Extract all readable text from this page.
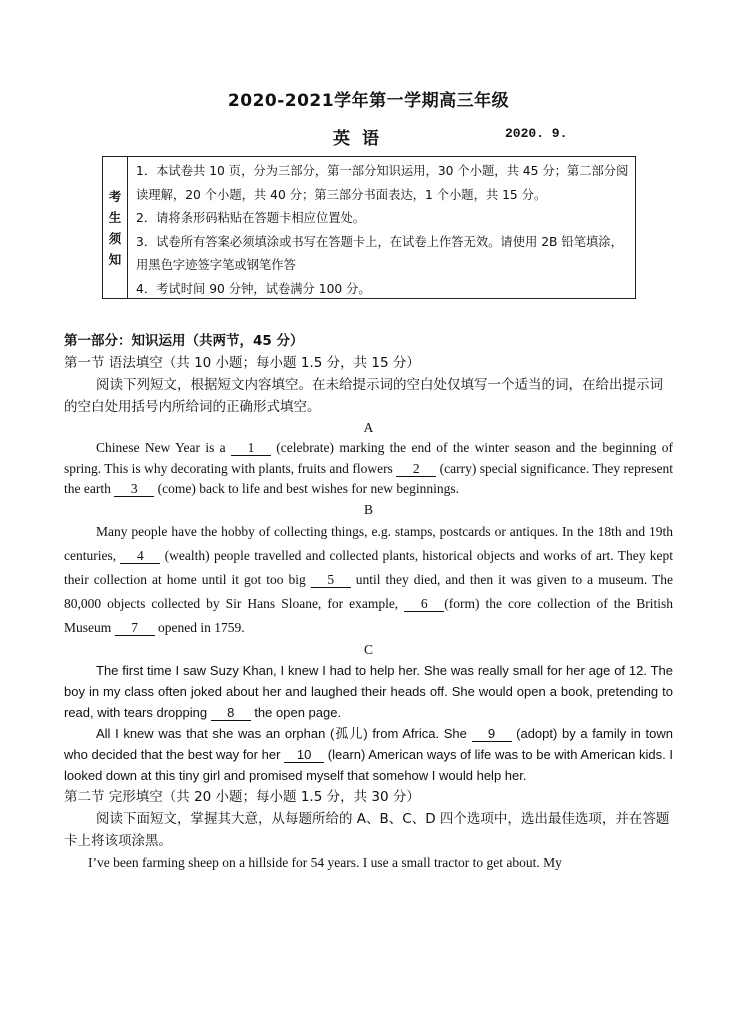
2020-2021学年第一学期高三年级
英语	2020. 9.
考
生
须
知

1．本试卷共 10 页，分为三部分，第一部分知识运用，30 个小题，共 45 分；第二部分阅读理解，20 个小题，共 40 分；第三部分书面表达，1 个小题，共 15 分。

2．请将条形码粘贴在答题卡相应位置处。

3．试卷所有答案必须填涂或书写在答题卡上，在试卷上作答无效。请使用 2B 铅笔填涂，用黑色字迹签字笔或钢笔作答

4．考试时间 90 分钟，试卷满分 100 分。

第一部分：知识运用（共两节，45 分）

第一节 语法填空（共 10 小题；每小题 1.5 分，共 15 分）

阅读下列短文，根据短文内容填空。在未给提示词的空白处仅填写一个适当的词，在给出提示词的空白处用括号内所给词的正确形式填空。

A

Chinese New Year is a 1 (celebrate) marking the end of the winter season and the beginning of spring. This is why decorating with plants, fruits and flowers 2 (carry) special significance. They represent the earth 3 (come) back to life and best wishes for new beginnings.

B

Many people have the hobby of collecting things, e.g. stamps, postcards or antiques. In the 18th and 19th centuries, 4 (wealth) people travelled and collected plants, historical objects and works of art. They kept their collection at home until it got too big 5 until they died, and then it was given to a museum. The 80,000 objects collected by Sir Hans Sloane, for example, 6 (form) the core collection of the British Museum 7 opened in 1759.

C

The first time I saw Suzy Khan, I knew I had to help her. She was really small for her age of 12. The boy in my class often joked about her and laughed their heads off. She would open a book, pretending to read, with tears dropping 8 the open page.

All I knew was that she was an orphan (孤儿) from Africa. She 9 (adopt) by a family in town who decided that the best way for her 10 (learn) American ways of life was to be with American kids. I looked down at this tiny girl and promised myself that somehow I would help her.

第二节 完形填空（共 20 小题；每小题 1.5 分，共 30 分）

阅读下面短文，掌握其大意，从每题所给的 A、B、C、D 四个选项中，选出最佳选项，并在答题卡上将该项涂黑。

I’ve been farming sheep on a hillside for 54 years. I use a small tractor to get about. My
